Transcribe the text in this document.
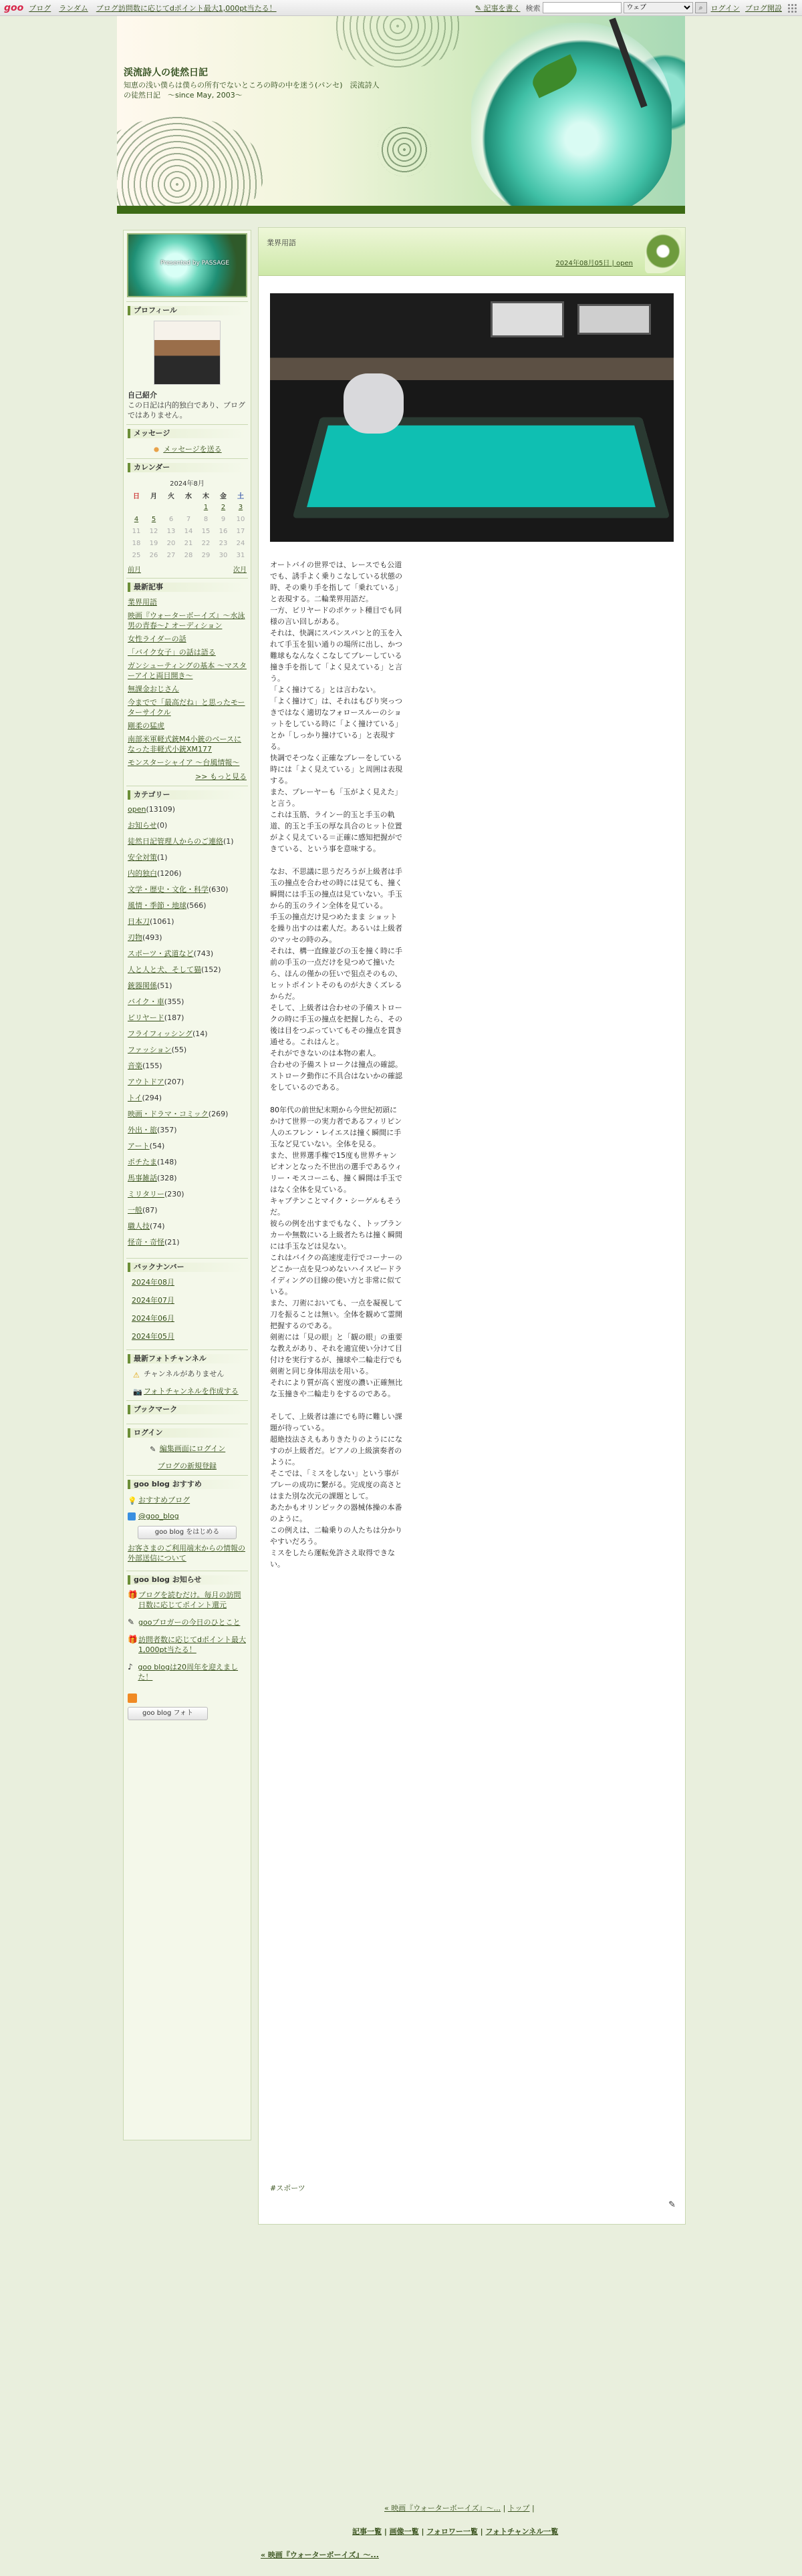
goo ブログ ランダム ブログ訪問数に応じてdポイント最大1,000pt当たる！	✎ 記事を書く 検索
ウェブ	⌕	ログイン ブログ開設
渓流詩人の徒然日記
知恵の浅い僕らは僕らの所有でないところの時の中を迷う(パンセ)　渓流詩人の徒然日記　～since May, 2003～
Presented by PASSAGE
プロフィール
自己紹介
この日記は内的独白であり、ブログではありません。
メッセージ
メッセージを送る
カレンダー
2024年8月
日	月	火	水	木	金	土
				1	2	3
4	5	6	7	8	9	10
11	12	13	14	15	16	17
18	19	20	21	22	23	24
25	26	27	28	29	30	31
前月	次月
最新記事
業界用語
映画『ウォーターボーイズ』～水泳男の青春～♪ オーディション
女性ライダーの話
「バイク女子」の話は語る
ガンシューティングの基本 ～マスターアイと両目開き～
無課金おじさん
今までで「最高だね」と思ったモーターサイクル
剛柔の猛虎
南部米軍軽式銃M4小銃のベースになった非軽式小銃XM177
モンスターシャイア ～台風情報～
>> もっと見る
カテゴリー
open(13109)
お知らせ(0)
徒然日記管理人からのご連絡(1)
安全対策(1)
内的独白(1206)
文学・歴史・文化・科学(630)
風情・季節・地球(566)
日本刀(1061)
刃物(493)
スポーツ・武道など(743)
人と人と犬、そして猫(152)
銃器関係(51)
バイク・車(355)
ビリヤード(187)
フライフィッシング(14)
ファッション(55)
音楽(155)
アウトドア(207)
トイ(294)
映画・ドラマ・コミック(269)
外出・旅(357)
アート(54)
ポチたま(148)
馬事雑話(328)
ミリタリー(230)
一般(87)
職人技(74)
怪奇・奇怪(21)
バックナンバー
2024年08月
2024年07月
2024年06月
2024年05月
最新フォトチャンネル
⚠ チャンネルがありません
📷 フォトチャンネルを作成する
ブックマーク
ログイン
✎ 編集画面にログイン
ブログの新規登録
goo blog おすすめ
💡 おすすめブログ
@goo_blog
goo blog をはじめる
お客さまのご利用端末からの情報の外部送信について
goo blog お知らせ
🎁 ブログを読むだけ。毎月の訪問日数に応じてポイント還元
✎ gooブロガーの今日のひとこと
🎁 訪問者数に応じてdポイント最大1,000pt当たる！
♪ goo blogは20周年を迎えました！
goo blog フォト
業界用語
2024年08月05日 | open

オートバイの世界では、レースでも公道でも、誘手よく乗りこなしている状態の時、その乗り手を指して「乗れている」と表現する。二輪業界用語だ。
一方、ビリヤードのポケット種目でも同様の言い回しがある。
それは、快調にスパンスパンと的玉を入れて手玉を狙い通りの場所に出し、かつ難球もなんなくこなしてプレーしている撞き手を指して「よく見えている」と言う。
「よく撞けてる」とは言わない。
「よく撞けて」は、それはもびり突っつきではなく適切なフォロースルーのショットをしている時に「よく撞けている」とか「しっかり撞けている」と表現する。
快調でそつなく正確なプレーをしている時には「よく見えている」と周囲は表現する。
また、プレーヤーも「玉がよく見えた」と言う。
これは玉筋、ラインー的玉と手玉の軌道、的玉と手玉の厚な具合のヒット位置がよく見えている＝正確に感知把握ができている、という事を意味する。

なお、不思議に思うだろうが上級者は手玉の撞点を合わせの時には見ても、撞く瞬間には手玉の撞点は見ていない。手玉から的玉のライン全体を見ている。
手玉の撞点だけ見つめたまま ショットを繰り出すのは素人だ。あるいは上級者のマッセの時のみ。
それは、構一直線並びの玉を撞く時に手前の手玉の一点だけを見つめて撞いたら、ほんの僅かの狂いで狙点そのもの、ヒットポイントそのものが大きくズレるからだ。
そして、上級者は合わせの予備ストロークの時に手玉の撞点を把握したら、その後は目をつぶっていてもその撞点を貫き通せる。これはんと。
それができないのは本物の素人。
合わせの予備ストロークは撞点の確認。ストローク動作に不具合はないかの確認をしているのである。

80年代の前世紀末期から今世紀初頭にかけて世界一の実力者であるフィリピン人のエフレン・レイエスは撞く瞬間に手玉など見ていない。全体を見る。
また、世界選手権で15度も世界チャンピオンとなった不世出の選手であるウィリー・モスコーニも、撞く瞬間は手玉ではなく全体を見ている。
キャプテンことマイク・シーゲルもそうだ。
彼らの例を出すまでもなく、トップランカーや無数にいる上級者たちは撞く瞬間には手玉などは見ない。
これはバイクの高速度走行でコーナーのどこか一点を見つめないハイスピードライディングの目線の使い方と非常に似ている。
また、刀術においても、一点を凝視して刀を振ることは無い。全体を観めて霊開把握するのである。
剣術には「見の眼」と「観の眼」の重要な教えがあり、それを適宜使い分けて目付けを実行するが、撞球や二輪走行でも剣術と同じ身体用法を用いる。
それにより質が高く密度の濃い正確無比な玉撞きや二輪走りをするのである。

そして、上級者は誰にでも時に難しい課題が待っている。
超絶技法さえもありきたりのようにになすのが上級者だ。ピアノの上級演奏者のように。
そこでは、「ミスをしない」という事がプレーの成功に繋がる。完成度の高さとはまた別な次元の課題として。
あたかもオリンピックの器械体操の本番のように。
この例えは、二輪乗りの人たちは分かりやすいだろう。
ミスをしたら運転免許さえ取得できない。

#スポーツ
✎
« 映画『ウォーターボーイズ』～... | トップ |
記事一覧 | 画像一覧 | フォロワー一覧 | フォトチャンネル一覧
« 映画『ウォーターボーイズ』～...
